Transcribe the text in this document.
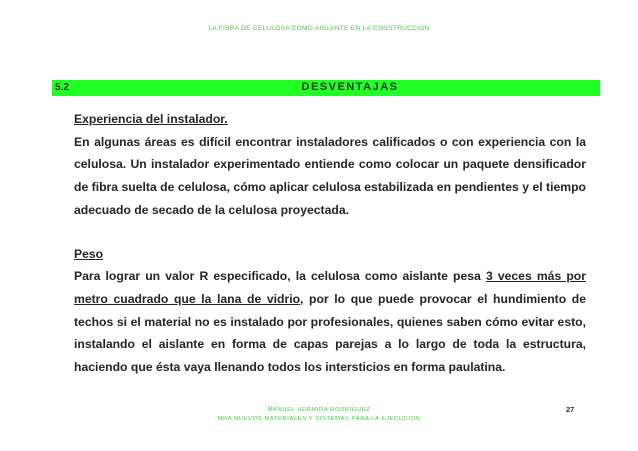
LA FIBRA DE CELULOSA COMO AISLANTE EN LA CONSTRUCCION
5.2	DESVENTAJAS

Experiencia del instalador.

En algunas áreas es difícil encontrar instaladores calificados o con experiencia con la celulosa. Un instalador experimentado entiende como colocar un paquete densificador de fibra suelta de celulosa, cómo aplicar celulosa estabilizada en pendientes y el tiempo adecuado de secado de la celulosa proyectada.

Peso

Para lograr un valor R especificado, la celulosa como aislante pesa 3 veces más por metro cuadrado que la lana de vidrio, por lo que puede provocar el hundimiento de techos si el material no es instalado por profesionales, quienes saben cómo evitar esto, instalando el aislante en forma de capas parejas a lo largo de toda la estructura, haciendo que ésta vaya llenando todos los intersticios en forma paulatina.

MANUEL HERMIDA RODRIGUEZ
MRA NUEVOS MATERIALES Y SISTEMAS PARA LA EJECUCION
27
